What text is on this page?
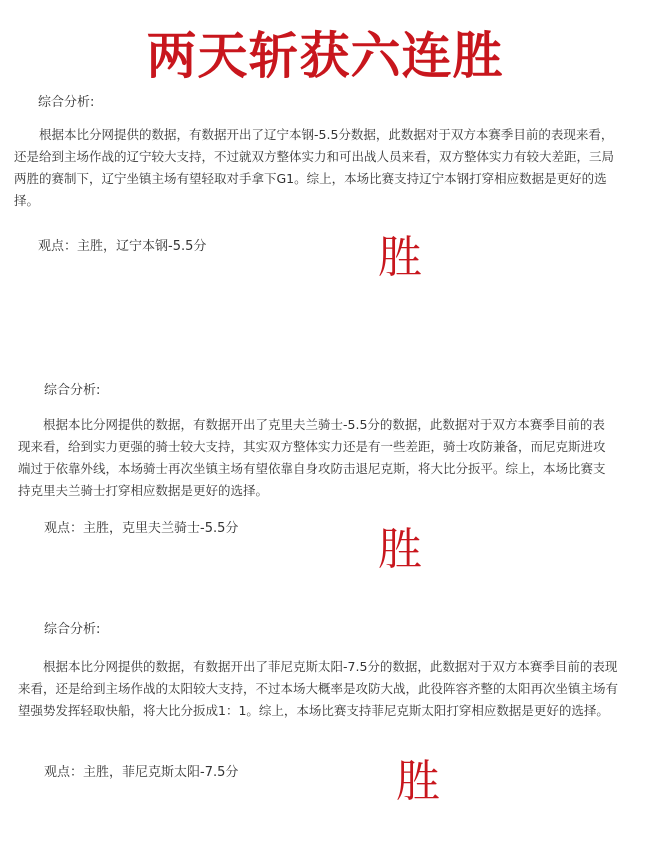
两天斩获六连胜
综合分析:
根据本比分网提供的数据，有数据开出了辽宁本钢-5.5分数据，此数据对于双方本赛季目前的表现来看，还是给到主场作战的辽宁较大支持，不过就双方整体实力和可出战人员来看，双方整体实力有较大差距，三局两胜的赛制下，辽宁坐镇主场有望轻取对手拿下G1。综上，本场比赛支持辽宁本钢打穿相应数据是更好的选择。
观点：主胜，辽宁本钢-5.5分	胜
综合分析:
根据本比分网提供的数据，有数据开出了克里夫兰骑士-5.5分的数据，此数据对于双方本赛季目前的表现来看，给到实力更强的骑士较大支持，其实双方整体实力还是有一些差距，骑士攻防兼备，而尼克斯进攻端过于依靠外线，本场骑士再次坐镇主场有望依靠自身攻防击退尼克斯，将大比分扳平。综上，本场比赛支持克里夫兰骑士打穿相应数据是更好的选择。
观点：主胜，克里夫兰骑士-5.5分	胜
综合分析:
根据本比分网提供的数据，有数据开出了菲尼克斯太阳-7.5分的数据，此数据对于双方本赛季目前的表现来看，还是给到主场作战的太阳较大支持，不过本场大概率是攻防大战，此役阵容齐整的太阳再次坐镇主场有望强势发挥轻取快船，将大比分扳成1：1。综上，本场比赛支持菲尼克斯太阳打穿相应数据是更好的选择。
观点：主胜，菲尼克斯太阳-7.5分	胜
